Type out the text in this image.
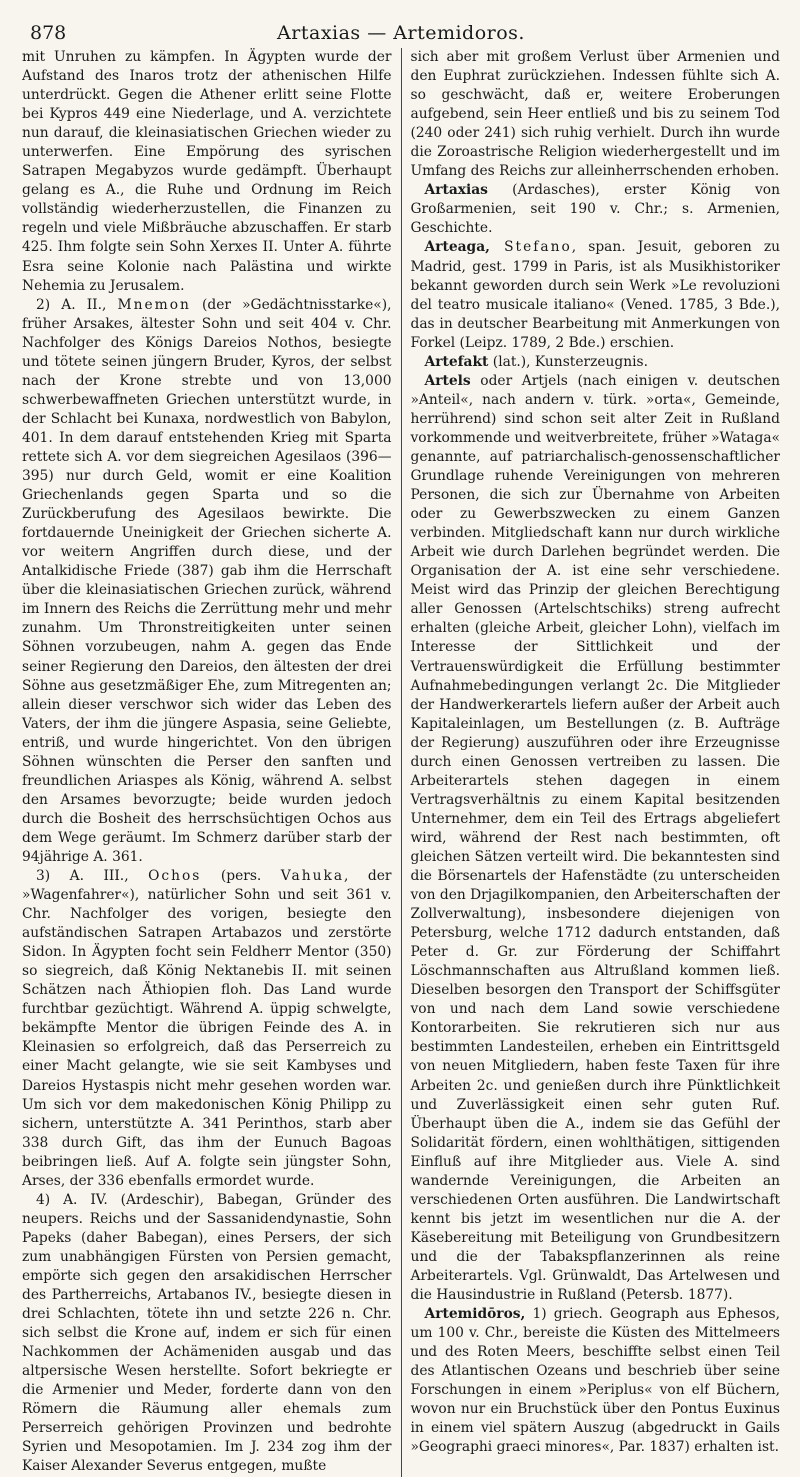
878	Artaxias — Artemidoros.

mit Unruhen zu kämpfen. In Ägypten wurde der Aufstand des Inaros trotz der athenischen Hilfe unterdrückt. Gegen die Athener erlitt seine Flotte bei Kypros 449 eine Niederlage, und A. verzichtete nun darauf, die kleinasiatischen Griechen wieder zu unterwerfen. Eine Empörung des syrischen Satrapen Megabyzos wurde gedämpft. Überhaupt gelang es A., die Ruhe und Ordnung im Reich vollständig wiederherzustellen, die Finanzen zu regeln und viele Mißbräuche abzuschaffen. Er starb 425. Ihm folgte sein Sohn Xerxes II. Unter A. führte Esra seine Kolonie nach Palästina und wirkte Nehemia zu Jerusalem.

2) A. II., Mnemon (der »Gedächtnisstarke«), früher Arsakes, ältester Sohn und seit 404 v. Chr. Nachfolger des Königs Dareios Nothos, besiegte und tötete seinen jüngern Bruder, Kyros, der selbst nach der Krone strebte und von 13,000 schwerbewaffneten Griechen unterstützt wurde, in der Schlacht bei Kunaxa, nordwestlich von Babylon, 401. In dem darauf entstehenden Krieg mit Sparta rettete sich A. vor dem siegreichen Agesilaos (396—395) nur durch Geld, womit er eine Koalition Griechenlands gegen Sparta und so die Zurückberufung des Agesilaos bewirkte. Die fortdauernde Uneinigkeit der Griechen sicherte A. vor weitern Angriffen durch diese, und der Antalkidische Friede (387) gab ihm die Herrschaft über die kleinasiatischen Griechen zurück, während im Innern des Reichs die Zerrüttung mehr und mehr zunahm. Um Thronstreitigkeiten unter seinen Söhnen vorzubeugen, nahm A. gegen das Ende seiner Regierung den Dareios, den ältesten der drei Söhne aus gesetzmäßiger Ehe, zum Mitregenten an; allein dieser verschwor sich wider das Leben des Vaters, der ihm die jüngere Aspasia, seine Geliebte, entriß, und wurde hingerichtet. Von den übrigen Söhnen wünschten die Perser den sanften und freundlichen Ariaspes als König, während A. selbst den Arsames bevorzugte; beide wurden jedoch durch die Bosheit des herrschsüchtigen Ochos aus dem Wege geräumt. Im Schmerz darüber starb der 94jährige A. 361.

3) A. III., Ochos (pers. Vahuka, der »Wagenfahrer«), natürlicher Sohn und seit 361 v. Chr. Nachfolger des vorigen, besiegte den aufständischen Satrapen Artabazos und zerstörte Sidon. In Ägypten focht sein Feldherr Mentor (350) so siegreich, daß König Nektanebis II. mit seinen Schätzen nach Äthiopien floh. Das Land wurde furchtbar gezüchtigt. Während A. üppig schwelgte, bekämpfte Mentor die übrigen Feinde des A. in Kleinasien so erfolgreich, daß das Perserreich zu einer Macht gelangte, wie sie seit Kambyses und Dareios Hystaspis nicht mehr gesehen worden war. Um sich vor dem makedonischen König Philipp zu sichern, unterstützte A. 341 Perinthos, starb aber 338 durch Gift, das ihm der Eunuch Bagoas beibringen ließ. Auf A. folgte sein jüngster Sohn, Arses, der 336 ebenfalls ermordet wurde.

4) A. IV. (Ardeschir), Babegan, Gründer des neupers. Reichs und der Sassanidendynastie, Sohn Papeks (daher Babegan), eines Persers, der sich zum unabhängigen Fürsten von Persien gemacht, empörte sich gegen den arsakidischen Herrscher des Partherreichs, Artabanos IV., besiegte diesen in drei Schlachten, tötete ihn und setzte 226 n. Chr. sich selbst die Krone auf, indem er sich für einen Nachkommen der Achämeniden ausgab und das altpersische Wesen herstellte. Sofort bekriegte er die Armenier und Meder, forderte dann von den Römern die Räumung aller ehemals zum Perserreich gehörigen Provinzen und bedrohte Syrien und Mesopotamien. Im J. 234 zog ihm der Kaiser Alexander Severus entgegen, mußte

sich aber mit großem Verlust über Armenien und den Euphrat zurückziehen. Indessen fühlte sich A. so geschwächt, daß er, weitere Eroberungen aufgebend, sein Heer entließ und bis zu seinem Tod (240 oder 241) sich ruhig verhielt. Durch ihn wurde die Zoroastrische Religion wiederhergestellt und im Umfang des Reichs zur alleinherrschenden erhoben.

Artaxias (Ardasches), erster König von Großarmenien, seit 190 v. Chr.; s. Armenien, Geschichte.

Arteaga, Stefano, span. Jesuit, geboren zu Madrid, gest. 1799 in Paris, ist als Musikhistoriker bekannt geworden durch sein Werk »Le revoluzioni del teatro musicale italiano« (Vened. 1785, 3 Bde.), das in deutscher Bearbeitung mit Anmerkungen von Forkel (Leipz. 1789, 2 Bde.) erschien.

Artefakt (lat.), Kunsterzeugnis.

Artels oder Artjels (nach einigen v. deutschen »Anteil«, nach andern v. türk. »orta«, Gemeinde, herrührend) sind schon seit alter Zeit in Rußland vorkommende und weitverbreitete, früher »Wataga« genannte, auf patriarchalisch-genossenschaftlicher Grundlage ruhende Vereinigungen von mehreren Personen, die sich zur Übernahme von Arbeiten oder zu Gewerbszwecken zu einem Ganzen verbinden. Mitgliedschaft kann nur durch wirkliche Arbeit wie durch Darlehen begründet werden. Die Organisation der A. ist eine sehr verschiedene. Meist wird das Prinzip der gleichen Berechtigung aller Genossen (Artelschtschiks) streng aufrecht erhalten (gleiche Arbeit, gleicher Lohn), vielfach im Interesse der Sittlichkeit und der Vertrauenswürdigkeit die Erfüllung bestimmter Aufnahmebedingungen verlangt 2c. Die Mitglieder der Handwerkerartels liefern außer der Arbeit auch Kapitaleinlagen, um Bestellungen (z. B. Aufträge der Regierung) auszuführen oder ihre Erzeugnisse durch einen Genossen vertreiben zu lassen. Die Arbeiterartels stehen dagegen in einem Vertragsverhältnis zu einem Kapital besitzenden Unternehmer, dem ein Teil des Ertrags abgeliefert wird, während der Rest nach bestimmten, oft gleichen Sätzen verteilt wird. Die bekanntesten sind die Börsenartels der Hafenstädte (zu unterscheiden von den Drjagilkompanien, den Arbeiterschaften der Zollverwaltung), insbesondere diejenigen von Petersburg, welche 1712 dadurch entstanden, daß Peter d. Gr. zur Förderung der Schiffahrt Löschmannschaften aus Altrußland kommen ließ. Dieselben besorgen den Transport der Schiffsgüter von und nach dem Land sowie verschiedene Kontorarbeiten. Sie rekrutieren sich nur aus bestimmten Landesteilen, erheben ein Eintrittsgeld von neuen Mitgliedern, haben feste Taxen für ihre Arbeiten 2c. und genießen durch ihre Pünktlichkeit und Zuverlässigkeit einen sehr guten Ruf. Überhaupt üben die A., indem sie das Gefühl der Solidarität fördern, einen wohlthätigen, sittigenden Einfluß auf ihre Mitglieder aus. Viele A. sind wandernde Vereinigungen, die Arbeiten an verschiedenen Orten ausführen. Die Landwirtschaft kennt bis jetzt im wesentlichen nur die A. der Käsebereitung mit Beteiligung von Grundbesitzern und die der Tabakspflanzerinnen als reine Arbeiterartels. Vgl. Grünwaldt, Das Artelwesen und die Hausindustrie in Rußland (Petersb. 1877).

Artemidōros, 1) griech. Geograph aus Ephesos, um 100 v. Chr., bereiste die Küsten des Mittelmeers und des Roten Meers, beschiffte selbst einen Teil des Atlantischen Ozeans und beschrieb über seine Forschungen in einem »Periplus« von elf Büchern, wovon nur ein Bruchstück über den Pontus Euxinus in einem viel spätern Auszug (abgedruckt in Gails »Geographi graeci minores«, Par. 1837) erhalten ist.
